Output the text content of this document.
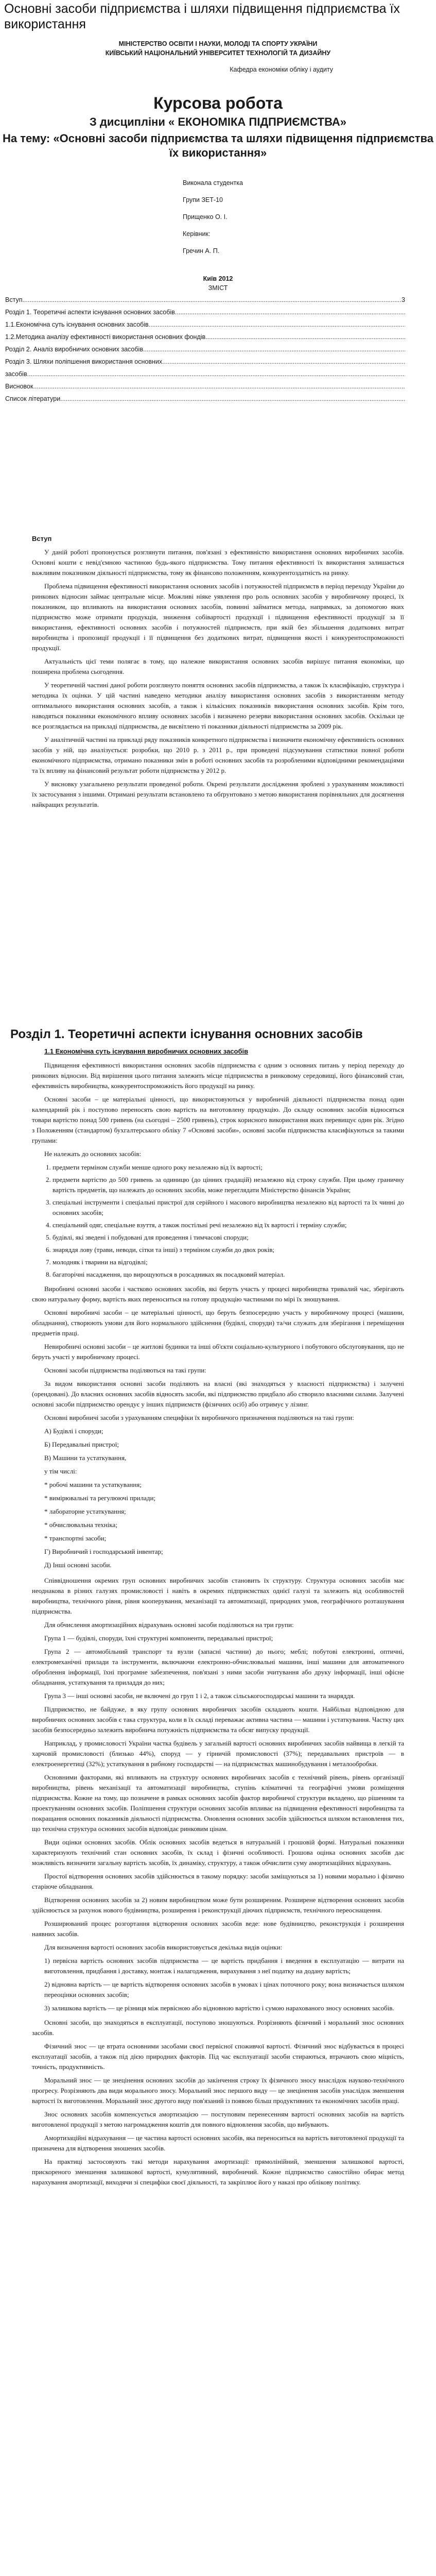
Основні засоби підприємства і шляхи підвищення підприємства їх використання
МІНІСТЕРСТВО ОСВІТИ І НАУКИ, МОЛОДІ ТА СПОРТУ УКРАЇНИ
КИЇВСЬКИЙ НАЦІОНАЛЬНИЙ УНІВЕРСИТЕТ ТЕХНОЛОГІЙ ТА ДИЗАЙНУ
Кафедра економіки обліку і аудиту
Курсова робота
З дисципліни « ЕКОНОМІКА ПІДПРИЄМСТВА»
На тему: «Основні засоби підприємства та шляхи підвищення підприємства їх використання»
Виконала студентка
Групи ЗЕТ-10
Прищенко О. І.
Керівник:
Гречин А. П.
Київ 2012
ЗМІСТ
Вступ
.....	3
Розділ 1. Теоретичні аспекти існування основних засобів
.....
1.1.Економічна суть існування основних засобів
.....
1.2.Методика аналізу ефективності використання основних фондів
.....
Розділ 2. Аналіз виробничих основних засобів
.....
Розділ 3. Шляхи поліпшення використання основних
.....
засобів
.....
Висновок
.....
Список літератури
.....
Вступ

У даній роботі пропонується розглянути питання, пов'язані з ефективністю використання основних виробничих засобів. Основні кошти є невід'ємною частиною будь-якого підприємства. Тому питання ефективності їх використання залишається важливим показником діяльності підприємства, тому як фінансово положенням, конкурентоздатність на ринку.

Проблема підвищення ефективності використання основних засобів і потужностей підприємств в період переходу України до ринкових відносин займає центральне місце. Можливі ніяке уявлення про роль основних засобів у виробничому процесі, їх показником, що впливають на використання основних засобів, повинні займатися метода, напрямках, за допомогою яких підприємство може отримати продукція, зниження собівартості продукції і підвищення ефективності продукції за її використання, ефективності основних засобів і потужностей підприємств, при якій без збільшення додаткових витрат виробництва і пропозиції продукції і її підвищення без додаткових витрат, підвищення якості і конкурентоспроможності продукції.

Актуальність цієї теми полягає в тому, що належне використання основних засобів вирішує питання економіки, що поширена проблема сьогодення.

У теоретичній частині даної роботи розглянуто поняття основних засобів підприємства, а також їх класифікацію, структура і методика їх оцінки. У цій частині наведено методики аналізу використання основних засобів з використанням методу оптимального використання основних засобів, а також і кількісних показників використання основних засобів. Крім того, наводяться показники економічного впливу основних засобів і визначено резерви використання основних засобів. Оскільки це все розглядається на прикладі підприємства, де висвітлено ті показники діяльності підприємства за 2009 рік.

У аналітичній частині на прикладі ряду показників конкретного підприємства і визначити економічну ефективність основних засобів у ній, що аналізується: розробки, що 2010 р. з 2011 р., при проведені підсумування статистики повної роботи економічного підприємства, отримано показники змін в роботі основних засобів та розробленими відповідними рекомендаціями та їх впливу на фінансовий результат роботи підприємства у 2012 р.

У висновку узагальнено результати проведеної роботи. Окремі результати дослідження зроблені з урахуванням можливості їх застосування з іншими. Отримані результати встановлено та обґрунтовано з метою використання порівняльних для досягнення найкращих результатів.

Розділ 1. Теоретичні аспекти існування основних засобів
1.1 Економічна суть існування виробничих основних засобів

Підвищення ефективності використання основних засобів підприємства є одним з основних питань у період переходу до ринкових відносин. Від вирішення цього питання залежить місце підприємства в ринковому середовищі, його фінансовий стан, ефективність виробництва, конкурентоспроможність його продукції на ринку.

Основні засоби – це матеріальні цінності, що використовуються у виробничій діяльності підприємства понад один календарний рік і поступово переносять свою вартість на виготовлену продукцію. До складу основних засобів відносяться товари вартістю понад 500 гривень (на сьогодні – 2500 гривень), строк корисного використання яких перевищує один рік. Згідно з Положенням (стандартом) бухгалтерського обліку 7 «Основні засоби», основні засоби підприємства класифікуються за такими групами:

Не належать до основних засобів:

1. предмети терміном служби менше одного року незалежно від їх вартості;
2. предмети вартістю до 500 гривень за одиницю (до цінних градацій) незалежно від строку служби. При цьому граничну вартість предметів, що належать до основних засобів, може переглядати Міністерство фінансів України;
3. спеціальні інструменти і спеціальні пристрої для серійного і масового виробництва незалежно від вартості та їх чинні до основних засобів;
4. спеціальний одяг, спеціальне взуття, а також постільні речі незалежно від їх вартості і терміну служби;
5. будівлі, які зведені і побудовані для проведення і тимчасові споруди;
6. знаряддя лову (трави, неводи, сітки та інші) з терміном служби до двох років;
7. молодняк і тварини на відгодівлі;
8. багаторічні насадження, що вирощуються в розсадниках як посадковий матеріал.

Виробничі основні засоби і частково основних засобів, які беруть участь у процесі виробництва тривалий час, зберігають свою натуральну форму, вартість яких переноситься на готову продукцію частинами по мірі їх зношування.

Основні виробничі засоби – це матеріальні цінності, що беруть безпосередню участь у виробничому процесі (машини, обладнання), створюють умови для його нормального здійснення (будівлі, споруди) та/чи служать для зберігання і переміщення предметів праці.

Невиробничі основні засоби – це житлові будинки та інші об'єкти соціально-культурного і побутового обслуговування, що не беруть участі у виробничому процесі.

Основні засоби підприємства поділяються на такі групи:

За видом використання основні засоби поділяють на власні (які знаходяться у власності підприємства) і залучені (орендовані). До власних основних засобів відносять засоби, які підприємство придбало або створило власними силами. Залучені основні засоби підприємство орендує у інших підприємств (фізичних осіб) або отримує у лізинг.

Основні виробничі засоби з урахуванням специфіки їх виробничого призначення поділяються на такі групи:

А) Будівлі і споруди;
Б) Передавальні пристрої;
В) Машини та устаткування,
у тім числі:
* робочі машини та устаткування;
* вимірювальні та регулюючі прилади;
* лабораторне устаткування;
* обчислювальна техніка;
* транспортні засоби;
Г) Виробничий і господарський інвентар;
Д) Інші основні засоби.

Співвідношення окремих груп основних виробничих засобів становить їх структуру. Структура основних засобів має неоднакова в різних галузях промисловості і навіть в окремих підприємствах однієї галузі та залежить від особливостей виробництва, технічного рівня, рівня кооперування, механізації та автоматизації, природних умов, географічного розташування підприємства.

Для обчислення амортизаційних відрахувань основні засоби поділяються на три групи:

Група 1 — будівлі, споруди, їхні структурні компоненти, передавальні пристрої;

Група 2 — автомобільний транспорт та вузли (запасні частини) до нього; меблі; побутові електронні, оптичні, електромеханічні прилади та інструменти, включаючи електронно-обчислювальні машини, інші машини для автоматичного оброблення інформації, їхні програмне забезпечення, пов'язані з ними засоби зчитування або друку інформації, інші офісне обладнання, устаткування та приладдя до них;

Група 3 — інші основні засоби, не включені до груп 1 і 2, а також сільськогосподарські машини та знаряддя.

Підприємство, не байдуже, в яку групу основних виробничих засобів складають кошти. Найбільш відповідною для виробничих основних засобів є така структура, коли в їх складі переважає активна частина — машини і устаткування. Частку цих засобів безпосередньо залежить виробнича потужність підприємства та обсяг випуску продукції.

Наприклад, у промисловості України частка будівель у загальній вартості основних виробничих засобів найвища в легкій та харчовій промисловості (близько 44%), споруд — у гірничій промисловості (37%); передавальних пристроїв — в електроенергетиці (32%); устаткування в рибному господарстві — на підприємствах машинобудування і металообробки.

Основними факторами, які впливають на структуру основних виробничих засобів є технічний рівень, рівень організації виробництва, рівень механізації та автоматизації виробництва, ступінь кліматичні та географічні умови розміщення підприємства. Кожне на тому, що позначене в рамках основних засобів фактор виробничої структури вкладено, що рішенням та проектуванням основних засобів. Поліпшення структури основних засобів впливає на підвищення ефективності виробництва та покращання основних показників діяльності підприємства. Оновлення основних засобів здійснюється шляхом встановлення тих, що технічна структура основних засобів відповідає ринковим цінам.

Види оцінки основних засобів. Облік основних засобів ведеться в натуральній і грошовій формі. Натуральні показники характеризують технічний стан основних засобів, їх склад і фізичні особливості. Грошова оцінка основних засобів дає можливість визначити загальну вартість засобів, їх динаміку, структуру, а також обчислити суму амортизаційних відрахувань.

Простої відтворення основних засобів здійснюється в такому порядку: засоби заміщуються за 1) новими морально і фізично старіюче обладнання.

Відтворення основних засобів за 2) новим виробництвом може бути розширеним. Розширене відтворення основних засобів здійснюється за рахунок нового будівництва, розширення і реконструкції діючих підприємств, технічного переоснащення.

Розширюваний процес розгортання відтворення основних засобів веде: нове будівництво, реконструкція і розширення наявних засобів.

Для визначення вартості основних засобів використовується декілька видів оцінки:

1) первісна вартість основних засобів підприємства — це вартість придбання і введення в експлуатацію — витрати на виготовлення, придбання і доставку, монтаж і налагодження, вирахування з неї податку на додану вартість;

2) відновна вартість — це вартість відтворення основних засобів в умовах і цінах поточного року; вона визначається шляхом переоцінки основних засобів;

3) залишкова вартість — це різниця між первісною або відновною вартістю і сумою нарахованого зносу основних засобів.

Основні засоби, що знаходяться в експлуатації, поступово зношуються. Розрізняють фізичний і моральний знос основних засобів.

Фізичний знос — це втрата основними засобами своєї первісної споживчої вартості. Фізичний знос відбувається в процесі експлуатації засобів, а також під дією природних факторів. Під час експлуатації засоби стираються, втрачають свою міцність, точність, продуктивність.

Моральний знос — це знецінення основних засобів до закінчення строку їх фізичного зносу внаслідок науково-технічного прогресу. Розрізняють два види морального зносу. Моральний знос першого виду — це знецінення засобів унаслідок зменшення вартості їх виготовлення. Моральний знос другого виду пов'язаний із появою більш продуктивних та економічних засобів праці.

Знос основних засобів компенсується амортизацією — поступовим перенесенням вартості основних засобів на вартість виготовленої продукції з метою нагромадження коштів для повного відновлення засобів, що вибувають.

Амортизаційні відрахування — це частина вартості основних засобів, яка переноситься на вартість виготовленої продукції та призначена для відтворення зношених засобів.

На практиці застосовують такі методи нарахування амортизації: прямолінійний, зменшення залишкової вартості, прискореного зменшення залишкової вартості, кумулятивний, виробничий. Кожне підприємство самостійно обирає метод нарахування амортизації, виходячи зі специфіки своєї діяльності, та закріплює його у наказі про облікову політику.
